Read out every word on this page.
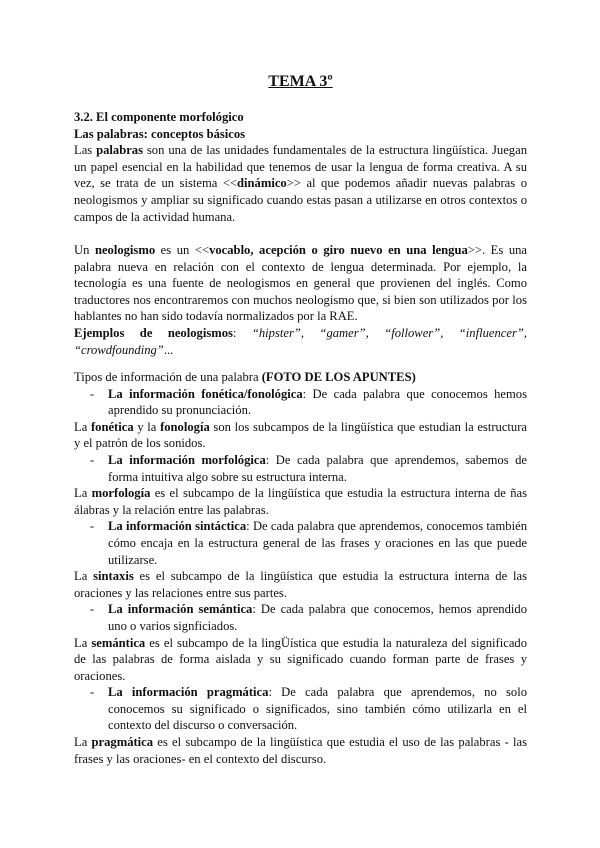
TEMA 3º

3.2. El componente morfológico

Las palabras: conceptos básicos

Las palabras son una de las unidades fundamentales de la estructura lingüística. Juegan un papel esencial en la habilidad que tenemos de usar la lengua de forma creativa. A su vez, se trata de un sistema <<dinámico>> al que podemos añadir nuevas palabras o neologismos y ampliar su significado cuando estas pasan a utilizarse en otros contextos o campos de la actividad humana.

Un neologismo es un <<vocablo, acepción o giro nuevo en una lengua>>. Es una palabra nueva en relación con el contexto de lengua determinada. Por ejemplo, la tecnología es una fuente de neologismos en general que provienen del inglés. Como traductores nos encontraremos con muchos neologismo que, si bien son utilizados por los hablantes no han sido todavía normalizados por la RAE.

Ejemplos de neologismos: “hipster”, “gamer”, “follower”, “influencer”,

“crowdfounding”...

Tipos de información de una palabra (FOTO DE LOS APUNTES)

- La información fonética/fonológica: De cada palabra que conocemos hemos aprendido su pronunciación.

La fonética y la fonología son los subcampos de la lingüística que estudian la estructura y el patrón de los sonidos.

- La información morfológica: De cada palabra que aprendemos, sabemos de forma intuitiva algo sobre su estructura interna.

La morfología es el subcampo de la lingüística que estudia la estructura interna de ñas álabras y la relación entre las palabras.

- La información sintáctica: De cada palabra que aprendemos, conocemos también cómo encaja en la estructura general de las frases y oraciones en las que puede utilizarse.

La sintaxis es el subcampo de la lingüística que estudia la estructura interna de las oraciones y las relaciones entre sus partes.

- La información semántica: De cada palabra que conocemos, hemos aprendido uno o varios signficiados.

La semántica es el subcampo de la lingÜística que estudia la naturaleza del significado de las palabras de forma aislada y su significado cuando forman parte de frases y oraciones.

- La información pragmática: De cada palabra que aprendemos, no solo conocemos su significado o significados, sino también cómo utilizarla en el contexto del discurso o conversación.

La pragmática es el subcampo de la lingüística que estudia el uso de las palabras - las frases y las oraciones- en el contexto del discurso.
